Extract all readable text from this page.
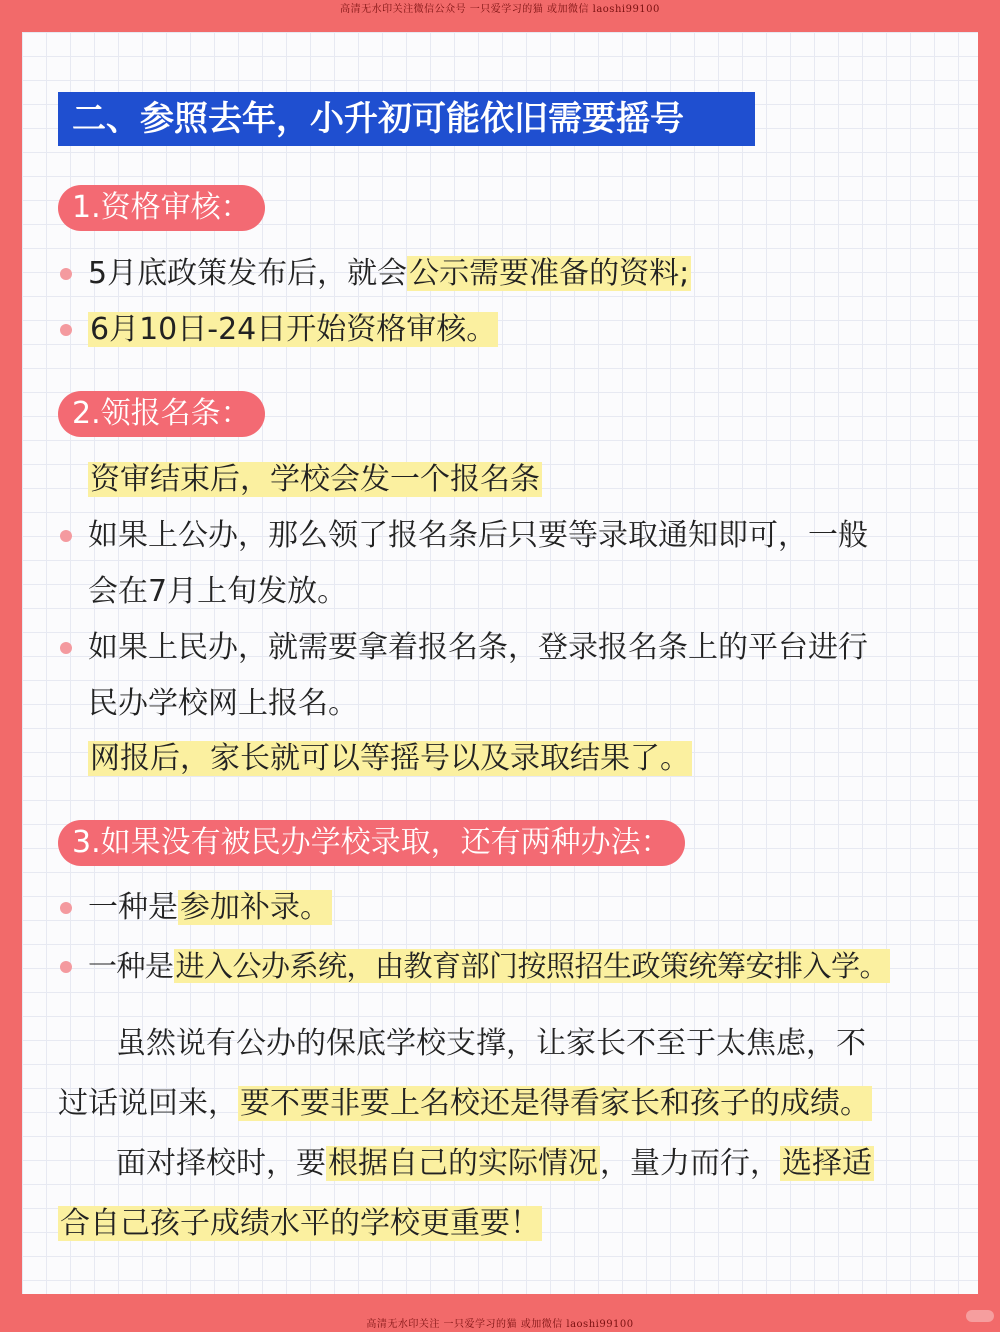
高清无水印关注微信公众号 一只爱学习的猫 或加微信 laoshi99100
二、参照去年，小升初可能依旧需要摇号
1.资格审核：
5月底政策发布后，就会公示需要准备的资料;
6月10日-24日开始资格审核。
2.领报名条：
资审结束后，学校会发一个报名条
如果上公办，那么领了报名条后只要等录取通知即可，一般
会在7月上旬发放。
如果上民办，就需要拿着报名条，登录报名条上的平台进行
民办学校网上报名。
网报后，家长就可以等摇号以及录取结果了。
3.如果没有被民办学校录取，还有两种办法：
一种是参加补录。
一种是进入公办系统，由教育部门按照招生政策统筹安排入学。
虽然说有公办的保底学校支撑，让家长不至于太焦虑，不
过话说回来，要不要非要上名校还是得看家长和孩子的成绩。
面对择校时，要根据自己的实际情况，量力而行，选择适
合自己孩子成绩水平的学校更重要！
高清无水印关注 一只爱学习的猫 或加微信 laoshi99100
